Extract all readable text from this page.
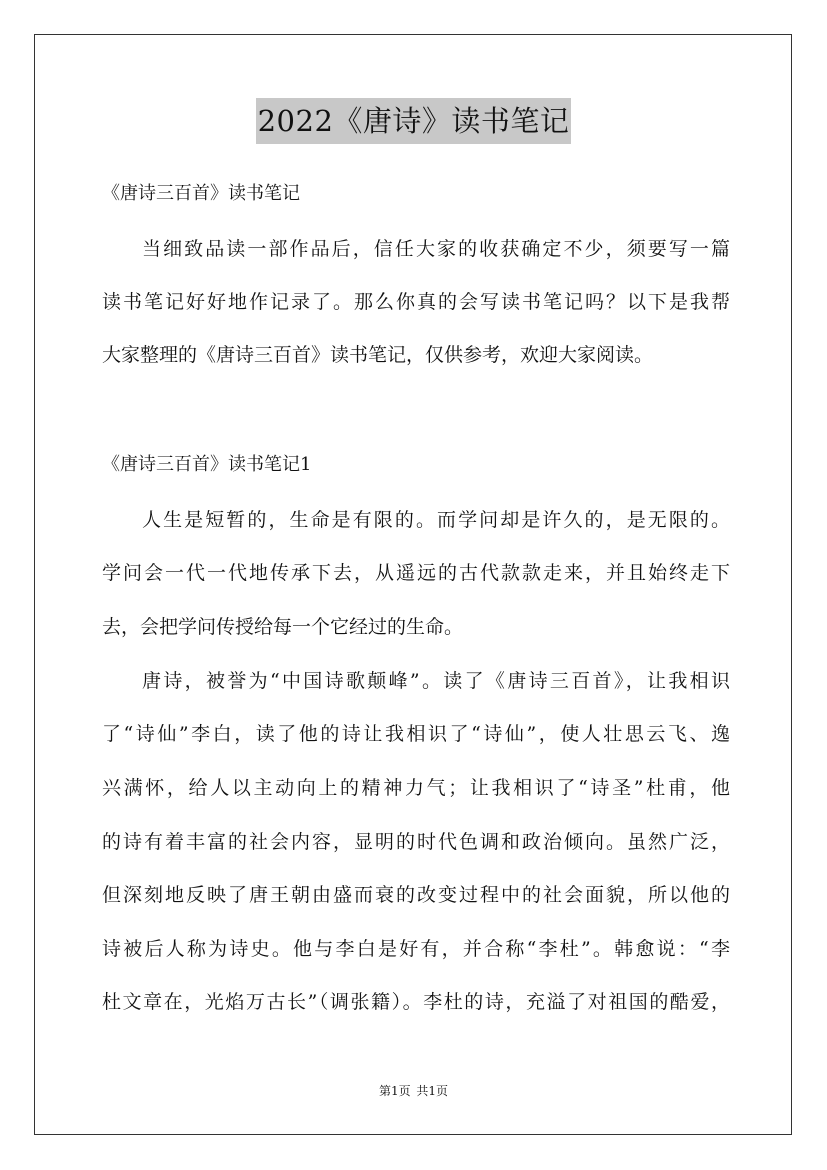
2022《唐诗》读书笔记
《唐诗三百首》读书笔记
当细致品读一部作品后，信任大家的收获确定不少，须要写一篇
读书笔记好好地作记录了。那么你真的会写读书笔记吗？以下是我帮
大家整理的《唐诗三百首》读书笔记，仅供参考，欢迎大家阅读。
《唐诗三百首》读书笔记1
人生是短暂的，生命是有限的。而学问却是许久的，是无限的。
学问会一代一代地传承下去，从遥远的古代款款走来，并且始终走下
去，会把学问传授给每一个它经过的生命。
唐诗，被誉为“中国诗歌颠峰”。读了《唐诗三百首》，让我相识
了“诗仙”李白，读了他的诗让我相识了“诗仙”，使人壮思云飞、逸
兴满怀，给人以主动向上的精神力气；让我相识了“诗圣”杜甫，他
的诗有着丰富的社会内容，显明的时代色调和政治倾向。虽然广泛，
但深刻地反映了唐王朝由盛而衰的改变过程中的社会面貌，所以他的
诗被后人称为诗史。他与李白是好有，并合称“李杜”。韩愈说：“李
杜文章在，光焰万古长”（调张籍）。李杜的诗，充溢了对祖国的酷爱，
第1页 共1页
